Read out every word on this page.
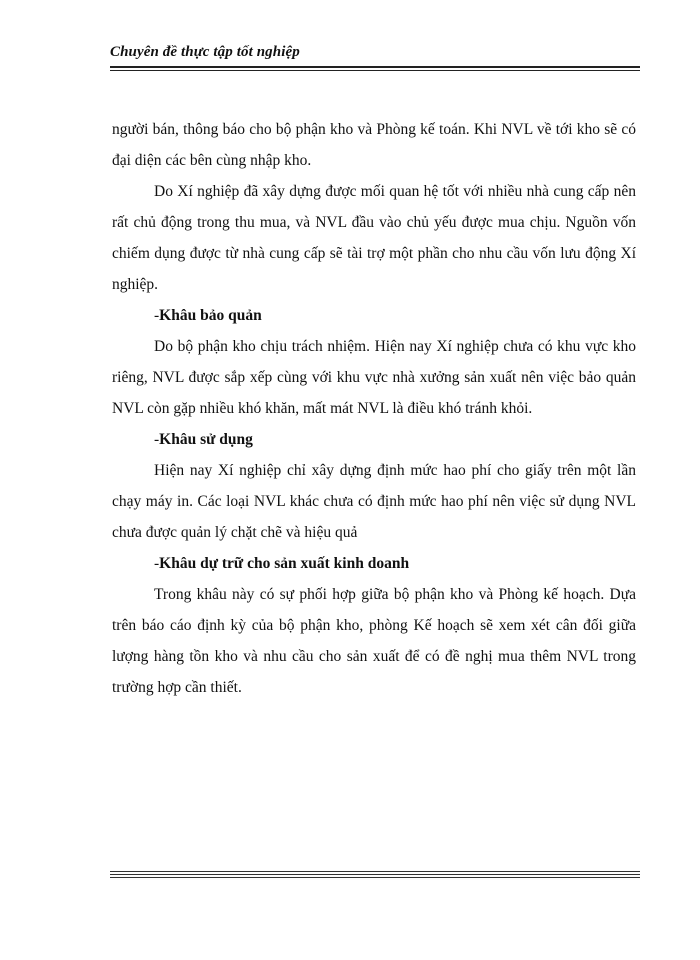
Chuyên đề thực tập tốt nghiệp

người bán, thông báo cho bộ phận kho và Phòng kế toán. Khi NVL về tới kho sẽ có đại diện các bên cùng nhập kho.

Do Xí nghiệp đã xây dựng được mối quan hệ tốt với nhiều nhà cung cấp nên rất chủ động trong thu mua, và NVL đầu vào chủ yếu được mua chịu. Nguồn vốn chiếm dụng được từ nhà cung cấp sẽ tài trợ một phần cho nhu cầu vốn lưu động Xí nghiệp.

-Khâu bảo quản

Do bộ phận kho chịu trách nhiệm. Hiện nay Xí nghiệp chưa có khu vực kho riêng, NVL được sắp xếp cùng với khu vực nhà xưởng sản xuất nên việc bảo quản NVL còn gặp nhiều khó khăn, mất mát NVL là điều khó tránh khỏi.

-Khâu sử dụng

Hiện nay Xí nghiệp chỉ xây dựng định mức hao phí cho giấy trên một lần chạy máy in. Các loại NVL khác chưa có định mức hao phí nên việc sử dụng NVL chưa được quản lý chặt chẽ và hiệu quả

-Khâu dự trữ cho sản xuất kinh doanh

Trong khâu này có sự phối hợp giữa bộ phận kho và Phòng kế hoạch. Dựa trên báo cáo định kỳ của bộ phận kho, phòng Kế hoạch sẽ xem xét cân đối giữa lượng hàng tồn kho và nhu cầu cho sản xuất để có đề nghị mua thêm NVL trong trường hợp cần thiết.
